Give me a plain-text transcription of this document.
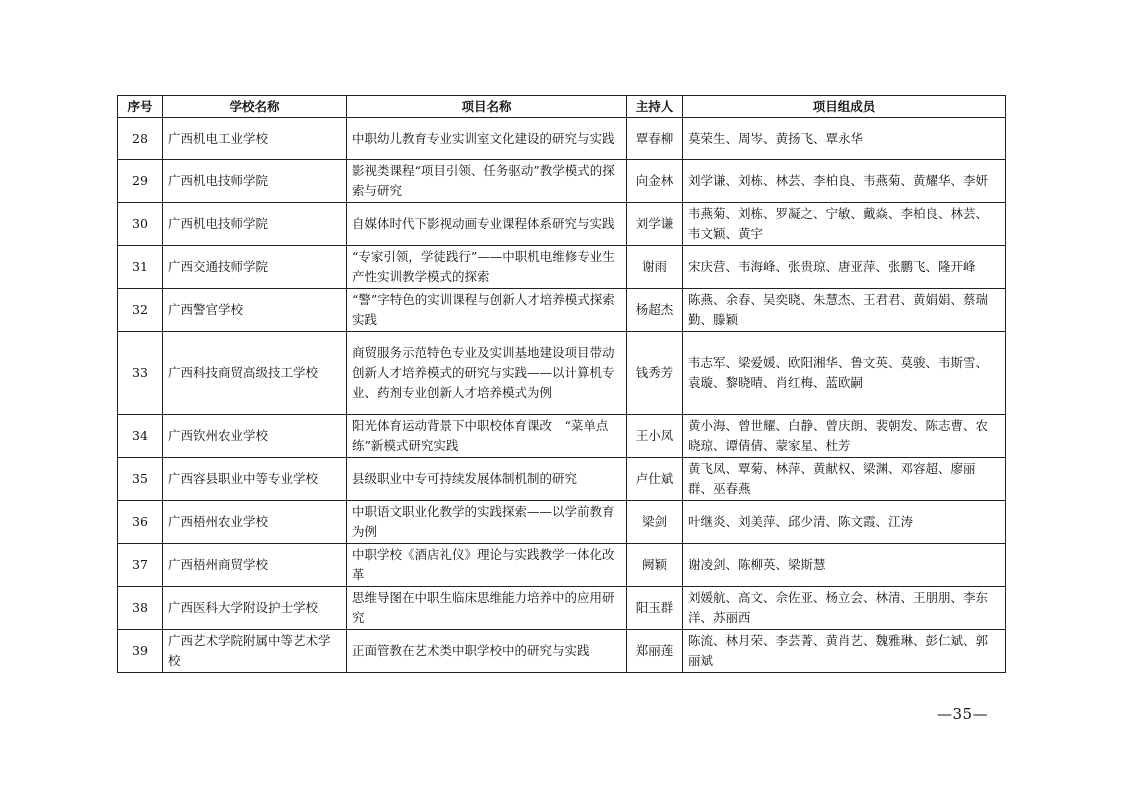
序号	学校名称	项目名称	主持人	项目组成员
28	广西机电工业学校	中职幼儿教育专业实训室文化建设的研究与实践	覃春柳	莫荣生、周岑、黄扬飞、覃永华
29	广西机电技师学院	影视类课程“项目引领、任务驱动”教学模式的探索与研究	向金林	刘学谦、刘栋、林芸、李柏良、韦燕菊、黄耀华、李妍
30	广西机电技师学院	自媒体时代下影视动画专业课程体系研究与实践	刘学谦	韦燕菊、刘栋、罗凝之、宁敏、戴焱、李柏良、林芸、韦文颖、黄宇
31	广西交通技师学院	“专家引领，学徒践行”——中职机电维修专业生产性实训教学模式的探索	谢雨	宋庆营、韦海峰、张贵琼、唐亚萍、张鹏飞、隆开峰
32	广西警官学校	“警”字特色的实训课程与创新人才培养模式探索实践	杨超杰	陈燕、余春、吴奕晓、朱慧杰、王君君、黄娟娟、蔡瑞勤、滕颖
33	广西科技商贸高级技工学校	商贸服务示范特色专业及实训基地建设项目带动创新人才培养模式的研究与实践——以计算机专业、药剂专业创新人才培养模式为例	钱秀芳	韦志军、梁爱媛、欧阳湘华、鲁文英、莫骏、韦斯雪、袁璇、黎晓晴、肖红梅、蓝欧嗣
34	广西钦州农业学校	阳光体育运动背景下中职校体育课改　“菜单点练”新模式研究实践	王小凤	黄小海、曾世耀、白静、曾庆朗、裴朝发、陈志曹、农晓琼、谭倩倩、蒙家星、杜芳
35	广西容县职业中等专业学校	县级职业中专可持续发展体制机制的研究	卢仕斌	黄飞凤、覃菊、林萍、黄献权、梁渊、邓容超、廖丽群、巫春燕
36	广西梧州农业学校	中职语文职业化教学的实践探索——以学前教育为例	梁剑	叶继炎、刘美萍、邱少清、陈文霞、江涛
37	广西梧州商贸学校	中职学校《酒店礼仪》理论与实践教学一体化改革	阙颖	谢凌剑、陈柳英、梁斯慧
38	广西医科大学附设护士学校	思维导图在中职生临床思维能力培养中的应用研究	阳玉群	刘媛航、高文、佘佐亚、杨立会、林清、王朋朋、李东洋、苏丽西
39	广西艺术学院附属中等艺术学校	正面管教在艺术类中职学校中的研究与实践	郑丽莲	陈流、林月荣、李芸菁、黄肖艺、魏雅琳、彭仁斌、郭丽斌
—35—
